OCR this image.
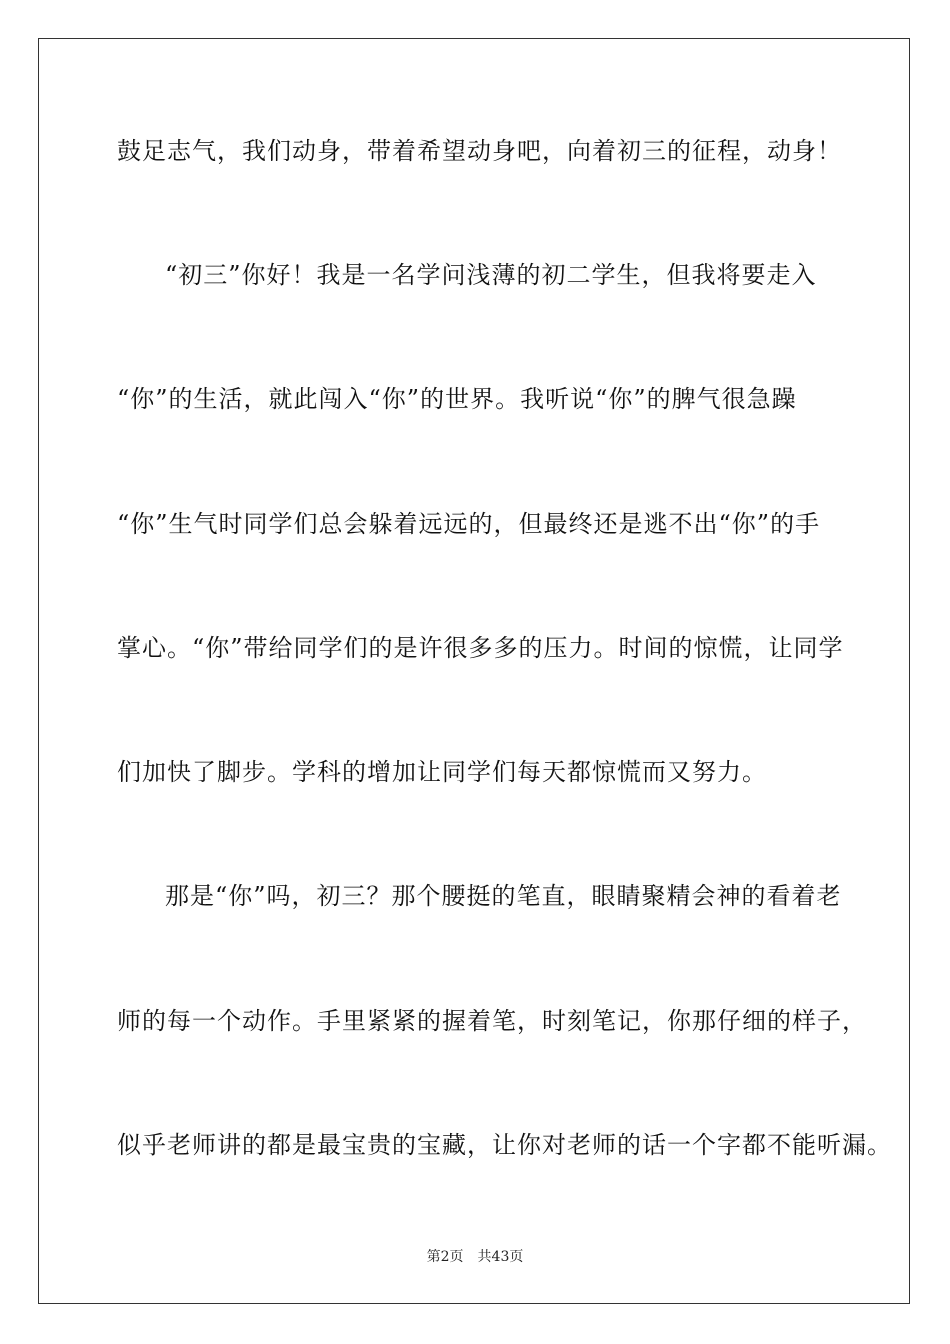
鼓足志气，我们动身，带着希望动身吧，向着初三的征程，动身！
“初三”你好！我是一名学问浅薄的初二学生，但我将要走入
“你”的生活，就此闯入“你”的世界。我听说“你”的脾气很急躁
“你”生气时同学们总会躲着远远的，但最终还是逃不出“你”的手
掌心。“你”带给同学们的是许很多多的压力。时间的惊慌，让同学
们加快了脚步。学科的增加让同学们每天都惊慌而又努力。
那是“你”吗，初三？那个腰挺的笔直，眼睛聚精会神的看着老
师的每一个动作。手里紧紧的握着笔，时刻笔记，你那仔细的样子，
似乎老师讲的都是最宝贵的宝藏，让你对老师的话一个字都不能听漏。
第2页 共43页
